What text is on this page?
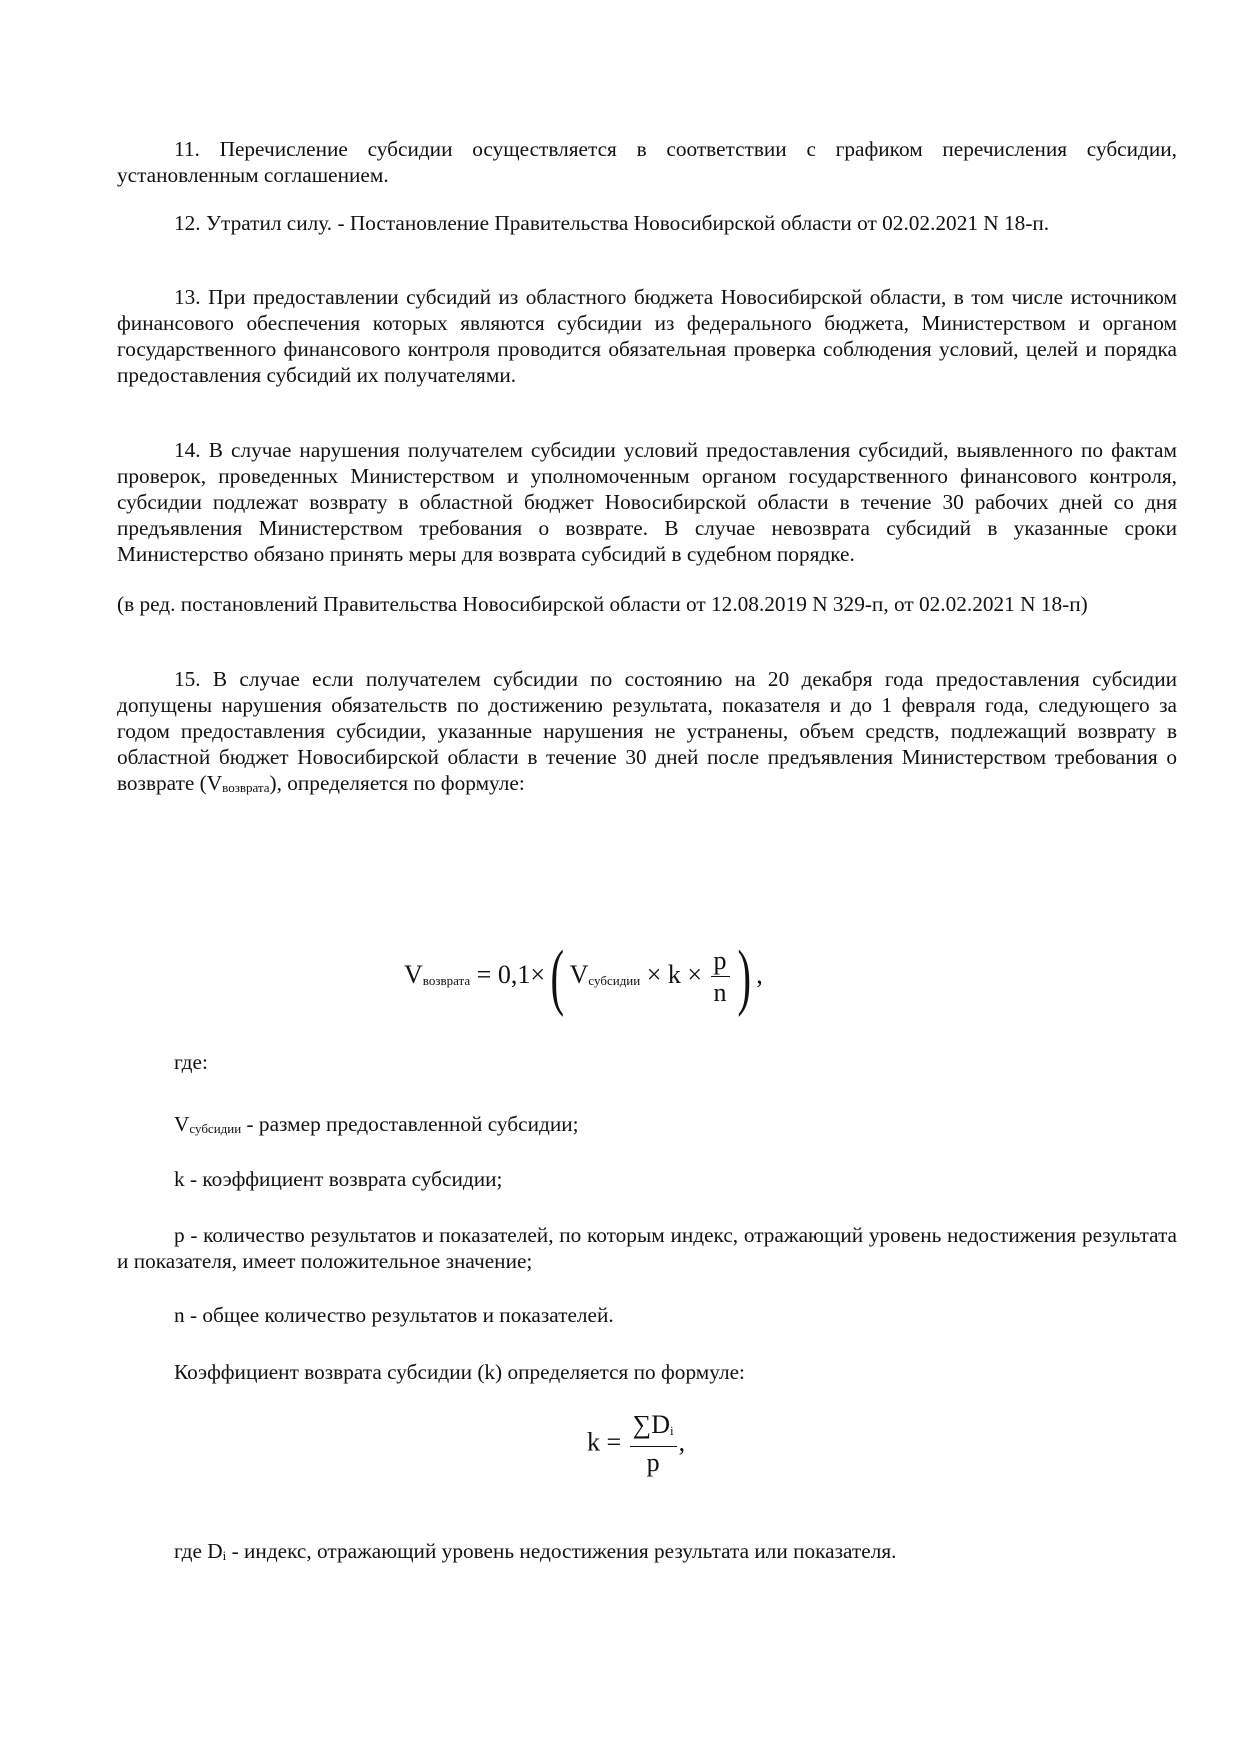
11. Перечисление субсидии осуществляется в соответствии с графиком перечисления субсидии, установленным соглашением.
12. Утратил силу. - Постановление Правительства Новосибирской области от 02.02.2021 N 18-п.
13. При предоставлении субсидий из областного бюджета Новосибирской области, в том числе источником финансового обеспечения которых являются субсидии из федерального бюджета, Министерством и органом государственного финансового контроля проводится обязательная проверка соблюдения условий, целей и порядка предоставления субсидий их получателями.
14. В случае нарушения получателем субсидии условий предоставления субсидий, выявленного по фактам проверок, проведенных Министерством и уполномоченным органом государственного финансового контроля, субсидии подлежат возврату в областной бюджет Новосибирской области в течение 30 рабочих дней со дня предъявления Министерством требования о возврате. В случае невозврата субсидий в указанные сроки Министерство обязано принять меры для возврата субсидий в судебном порядке.
(в ред. постановлений Правительства Новосибирской области от 12.08.2019 N 329-п, от 02.02.2021 N 18-п)
15. В случае если получателем субсидии по состоянию на 20 декабря года предоставления субсидии допущены нарушения обязательств по достижению результата, показателя и до 1 февраля года, следующего за годом предоставления субсидии, указанные нарушения не устранены, объем средств, подлежащий возврату в областной бюджет Новосибирской области в течение 30 дней после предъявления Министерством требования о возврате (Vвозврата), определяется по формуле:
Vвозврата = 0,1×( Vсубсидии × $k \times \frac{p}{n}$ ) ,
где:
Vсубсидии - размер предоставленной субсидии;
k - коэффициент возврата субсидии;
p - количество результатов и показателей, по которым индекс, отражающий уровень недостижения результата и показателя, имеет положительное значение;
n - общее количество результатов и показателей.
Коэффициент возврата субсидии (k) определяется по формуле:
$k = \frac{\sum Di}{p}$ ,
где Di - индекс, отражающий уровень недостижения результата или показателя.
